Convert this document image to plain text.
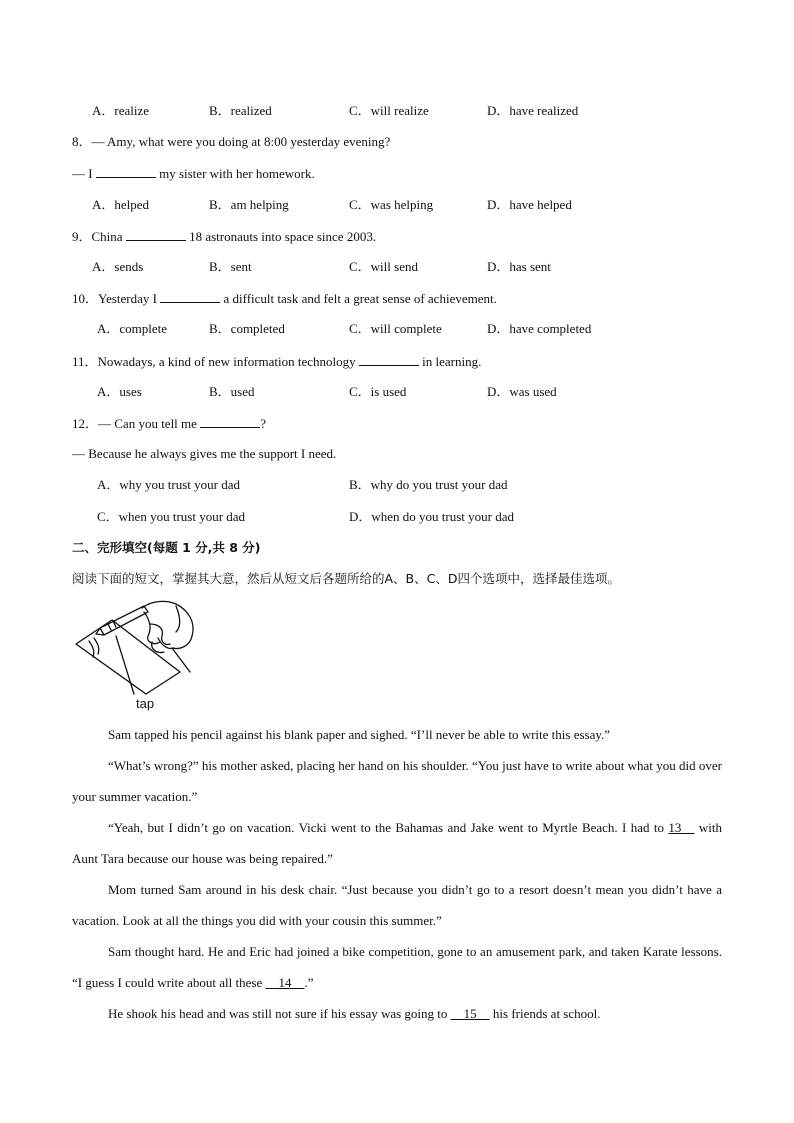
A．realize	B．realized	C．will realize	D．have realized
8．— Amy, what were you doing at 8:00 yesterday evening?
— I	my sister with her homework.
A．helped	B．am helping	C．was helping	D．have helped
9．China	18 astronauts into space since 2003.
A．sends	B．sent	C．will send	D．has sent
10．Yesterday I	a difficult task and felt a great sense of achievement.
A．complete	B．completed	C．will complete	D．have completed
11．Nowadays, a kind of new information technology	in learning.
A．uses	B．used	C．is used	D．was used
12．— Can you tell me	?
— Because he always gives me the support I need.
A．why you trust your dad	B．why do you trust your dad
C．when you trust your dad	D．when do you trust your dad
二、完形填空(每题 1 分,共 8 分)
阅读下面的短文，掌握其大意，然后从短文后各题所给的A、B、C、D四个选项中，选择最佳选项。
tap

Sam tapped his pencil against his blank paper and sighed. “I’ll never be able to write this essay.”

“What’s wrong?” his mother asked, placing her hand on his shoulder. “You just have to write about what you did over your summer vacation.”

“Yeah, but I didn’t go on vacation. Vicki went to the Bahamas and Jake went to Myrtle Beach. I had to 13    with Aunt Tara because our house was being repaired.”

Mom turned Sam around in his desk chair. “Just because you didn’t go to a resort doesn’t mean you didn’t have a vacation. Look at all the things you did with your cousin this summer.”

Sam thought hard. He and Eric had joined a bike competition, gone to an amusement park, and taken Karate lessons. “I guess I could write about all these     14    .”

He shook his head and was still not sure if his essay was going to     15     his friends at school.
